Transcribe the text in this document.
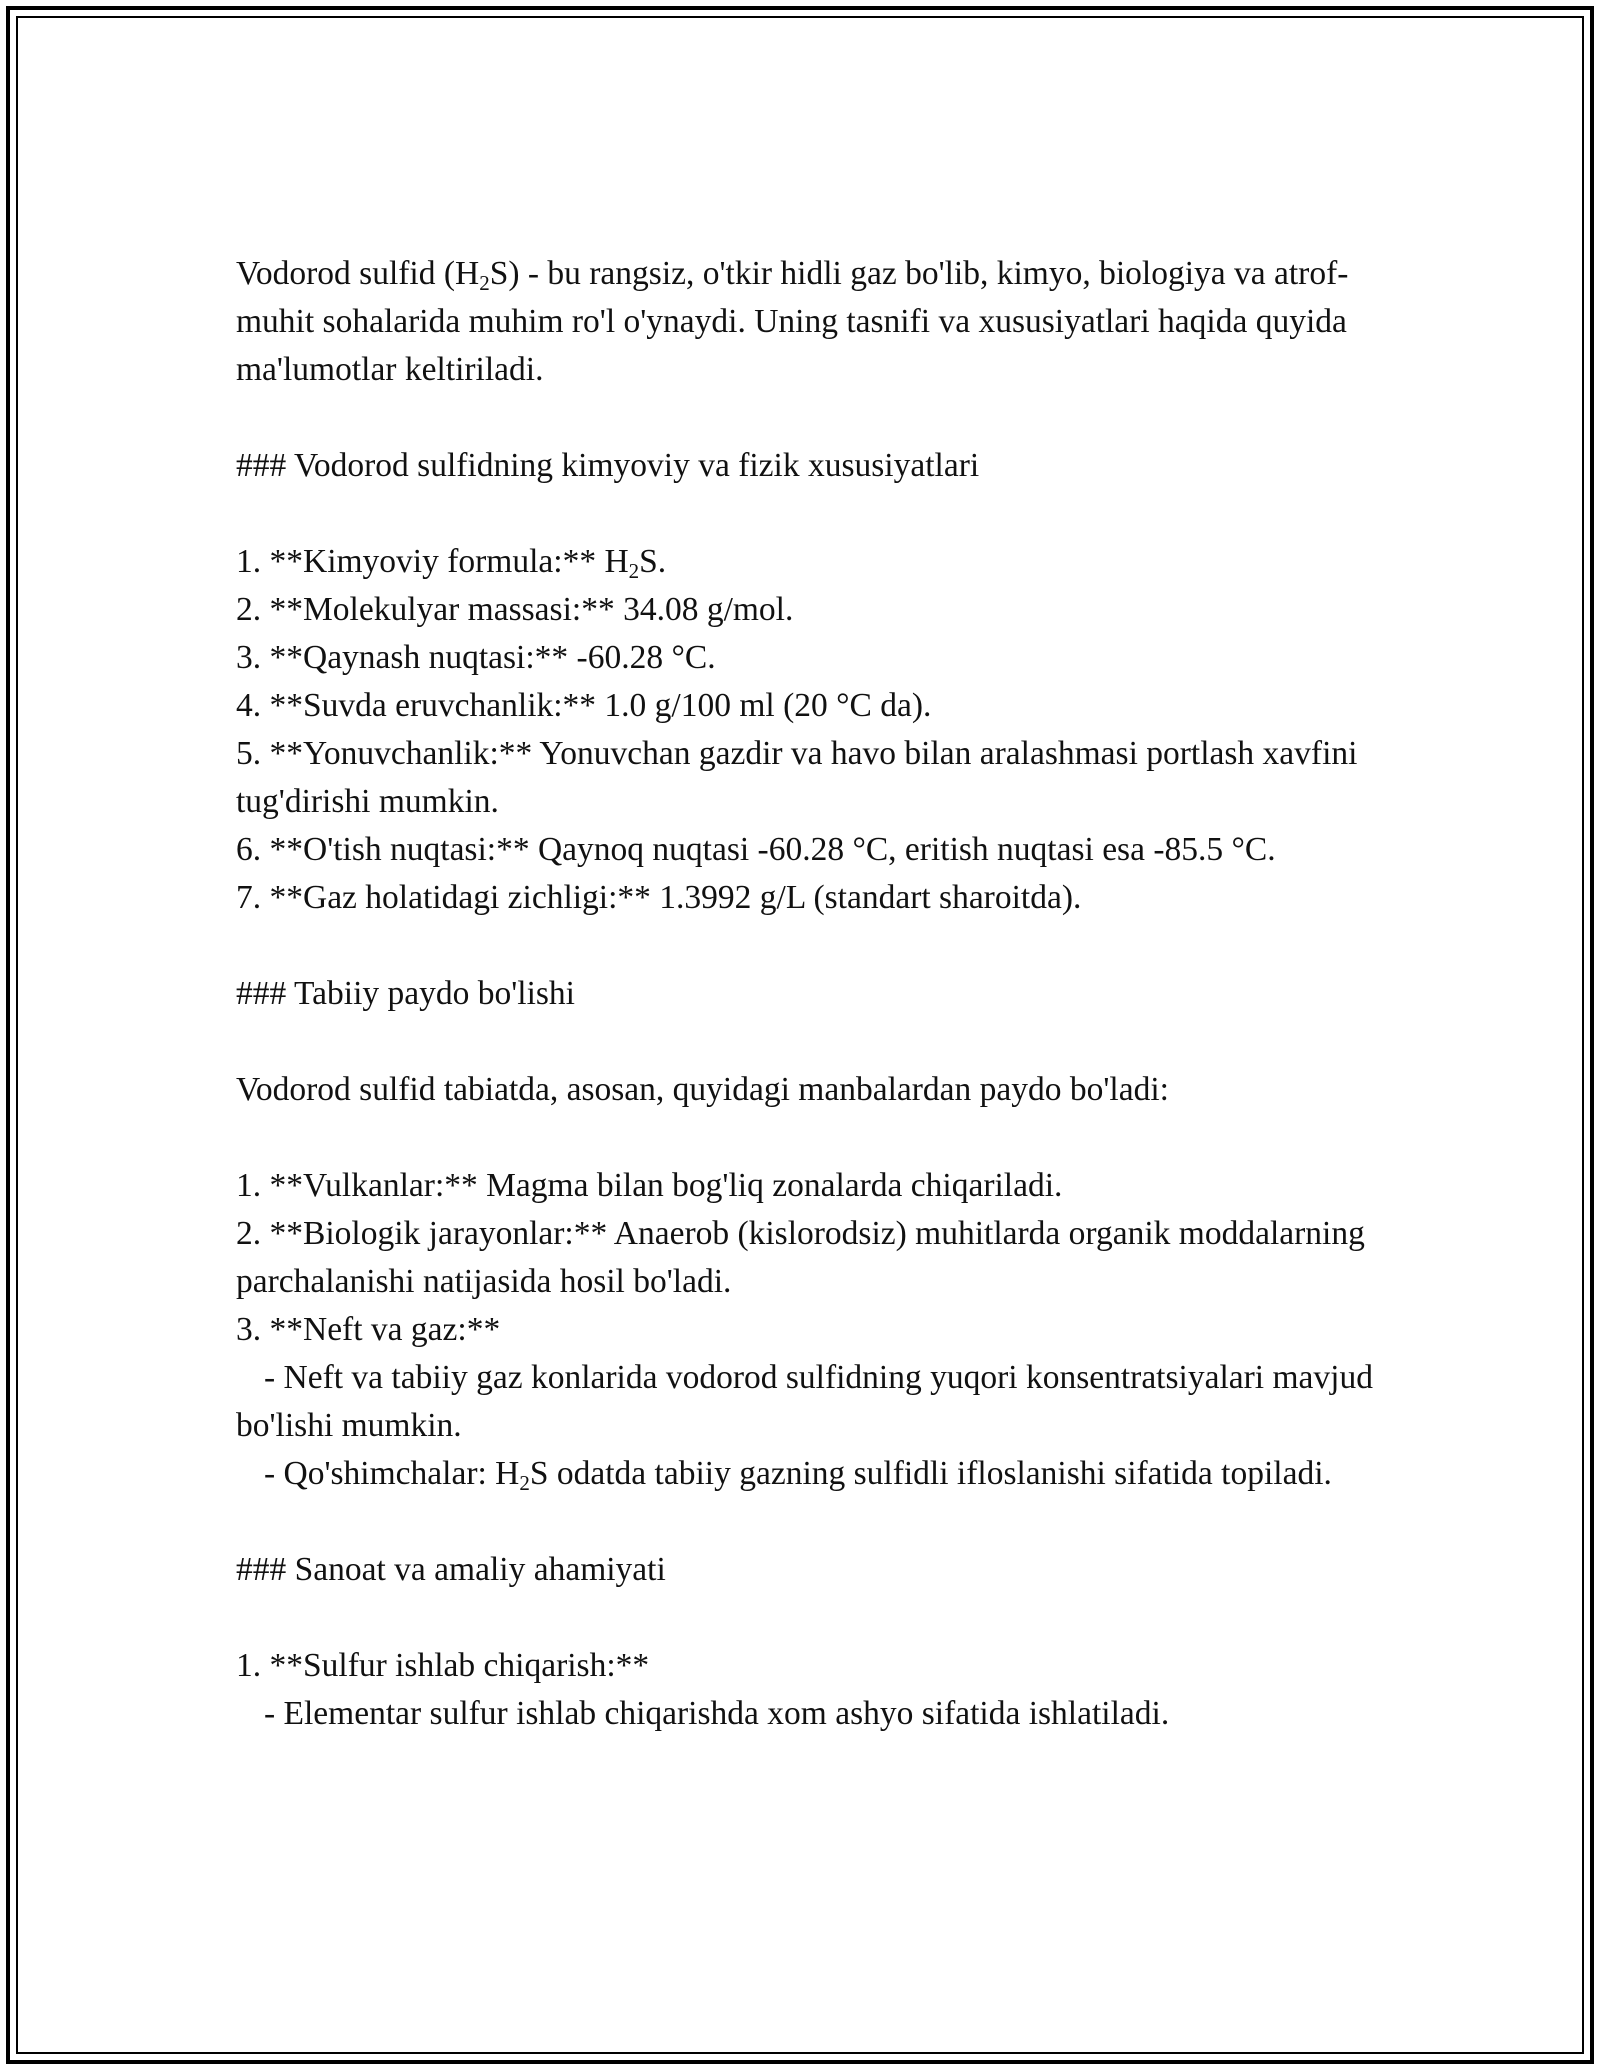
Vodorod sulfid $(H_2S)$ - bu rangsiz, o'tkir hidli gaz bo'lib, kimyo, biologiya va atrof-muhit sohalarida muhim ro'l o'ynaydi. Uning tasnifi va xususiyatlari haqida quyida ma'lumotlar keltiriladi.

### Vodorod sulfidning kimyoviy va fizik xususiyatlari

1. **Kimyoviy formula:** $H_2S$.

2. **Molekulyar massasi:** 34.08 g/mol.

3. **Qaynash nuqtasi:** -60.28 °C.

4. **Suvda eruvchanlik:** 1.0 g/100 ml (20 °C da).

5. **Yonuvchanlik:** Yonuvchan gazdir va havo bilan aralashmasi portlash xavfini tug'dirishi mumkin.

6. **O'tish nuqtasi:** Qaynoq nuqtasi -60.28 °C, eritish nuqtasi esa -85.5 °C.

7. **Gaz holatidagi zichligi:** 1.3992 g/L (standart sharoitda).

### Tabiiy paydo bo'lishi

Vodorod sulfid tabiatda, asosan, quyidagi manbalardan paydo bo'ladi:

1. **Vulkanlar:** Magma bilan bog'liq zonalarda chiqariladi.

2. **Biologik jarayonlar:** Anaerob (kislorodsiz) muhitlarda organik moddalarning parchalanishi natijasida hosil bo'ladi.

3. **Neft va gaz:**

- Neft va tabiiy gaz konlarida vodorod sulfidning yuqori konsentratsiyalari mavjud bo'lishi mumkin.

- Qo'shimchalar: $H_2S$ odatda tabiiy gazning sulfidli ifloslanishi sifatida topiladi.

### Sanoat va amaliy ahamiyati

1. **Sulfur ishlab chiqarish:**

- Elementar sulfur ishlab chiqarishda xom ashyo sifatida ishlatiladi.
